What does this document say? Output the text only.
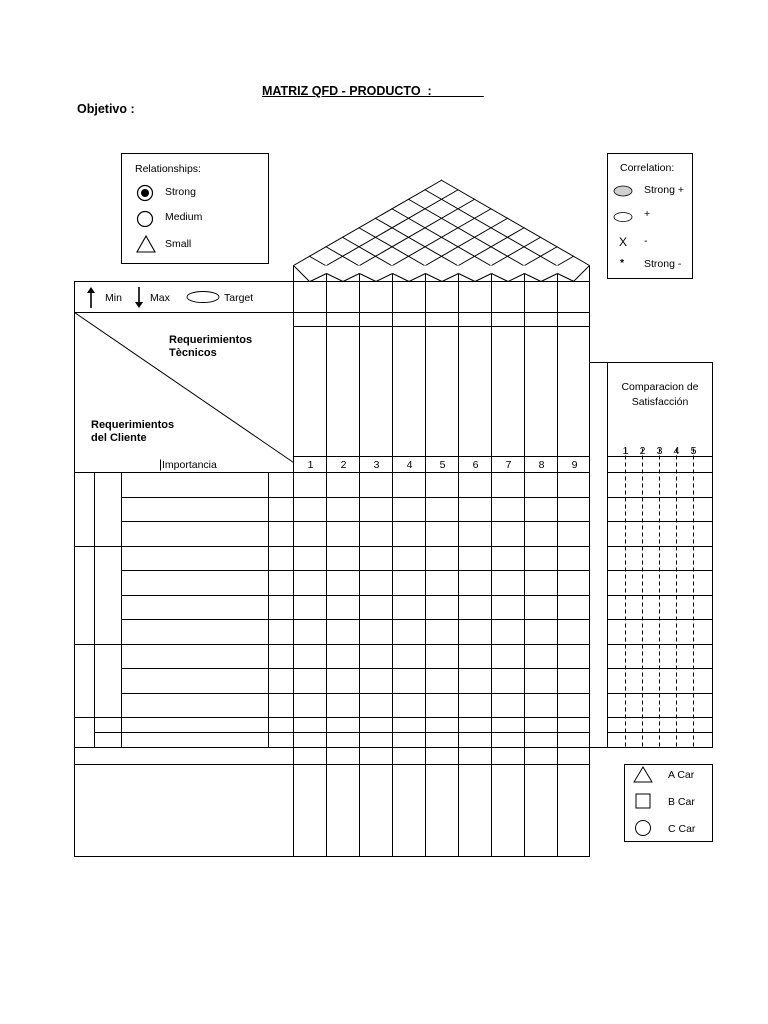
MATRIZ QFD - PRODUCTO  :
Objetivo :
Relationships:
Strong
Medium
Small
Correlation:
Strong +
+
X -
* Strong -
Min	Max	Target
Requerimientos
Tècnicos
Requerimientos
del Cliente
Importancia	1	2	3	4	5	6	7	8	9
Comparacion de
Satisfacción
1	2	3	4	5
A Car
B Car
C Car
